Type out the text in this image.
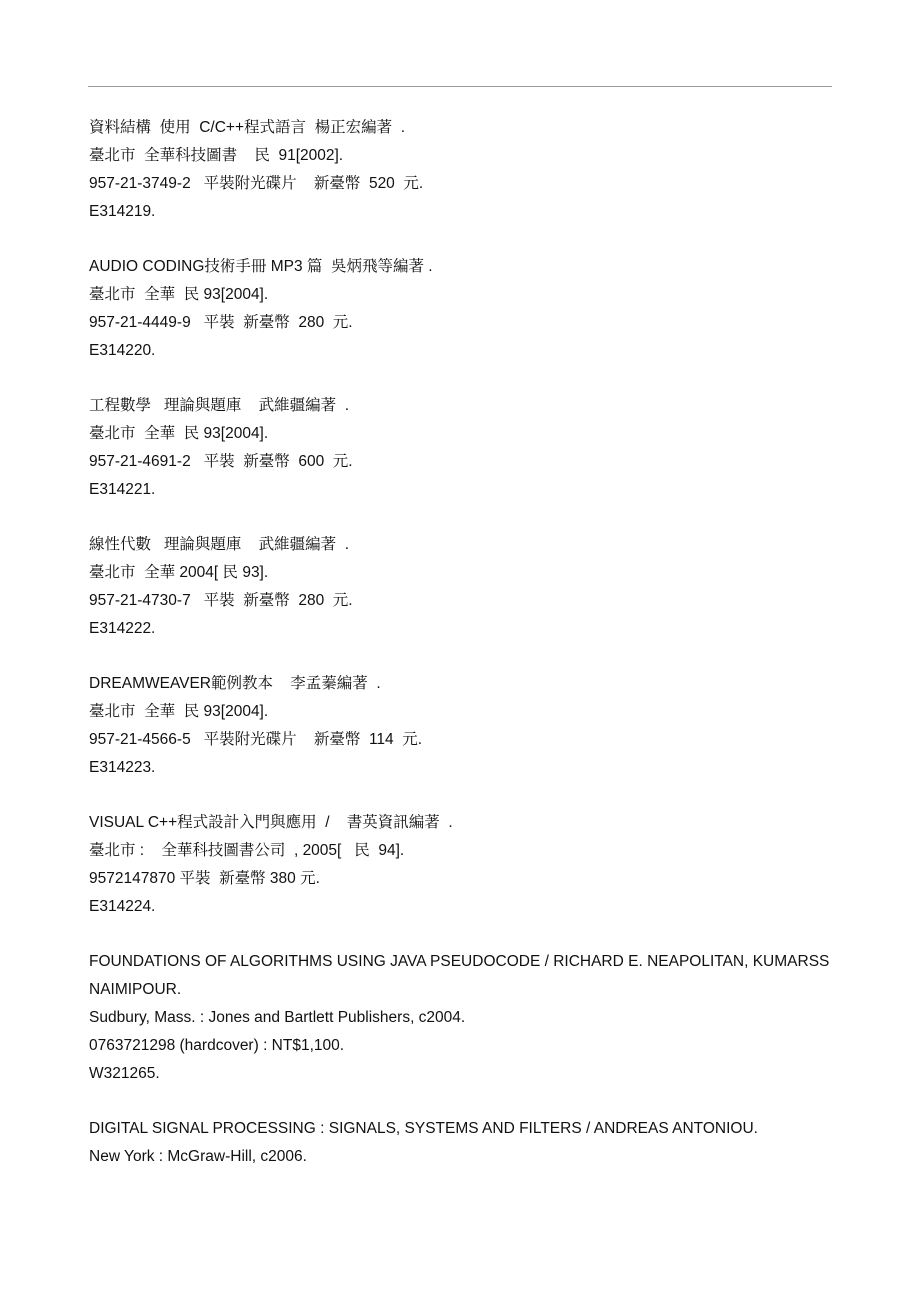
資料結構  使用  C/C++程式語言  楊正宏編著  .
臺北市  全華科技圖書    民  91[2002].
957-21-3749-2   平裝附光碟片    新臺幣  520  元.
E314219.
AUDIO CODING技術手冊 MP3 篇  吳炳飛等編著 .
臺北市  全華  民 93[2004].
957-21-4449-9   平裝  新臺幣  280  元.
E314220.
工程數學   理論與題庫    武維疆編著  .
臺北市  全華  民 93[2004].
957-21-4691-2   平裝  新臺幣  600  元.
E314221.
線性代數   理論與題庫    武維疆編著  .
臺北市  全華 2004[ 民 93].
957-21-4730-7   平裝  新臺幣  280  元.
E314222.
DREAMWEAVER範例教本    李孟蓁編著  .
臺北市  全華  民 93[2004].
957-21-4566-5   平裝附光碟片    新臺幣  114  元.
E314223.
VISUAL C++程式設計入門與應用  /    書英資訊編著  .
臺北市 :    全華科技圖書公司  , 2005[   民  94].
9572147870 平裝  新臺幣 380 元.
E314224.
FOUNDATIONS OF ALGORITHMS USING JAVA PSEUDOCODE / RICHARD E. NEAPOLITAN, KUMARSS NAIMIPOUR.
Sudbury, Mass. : Jones and Bartlett Publishers, c2004.
0763721298 (hardcover) : NT$1,100.
W321265.
DIGITAL SIGNAL PROCESSING : SIGNALS, SYSTEMS AND FILTERS / ANDREAS ANTONIOU.
New York : McGraw-Hill, c2006.
